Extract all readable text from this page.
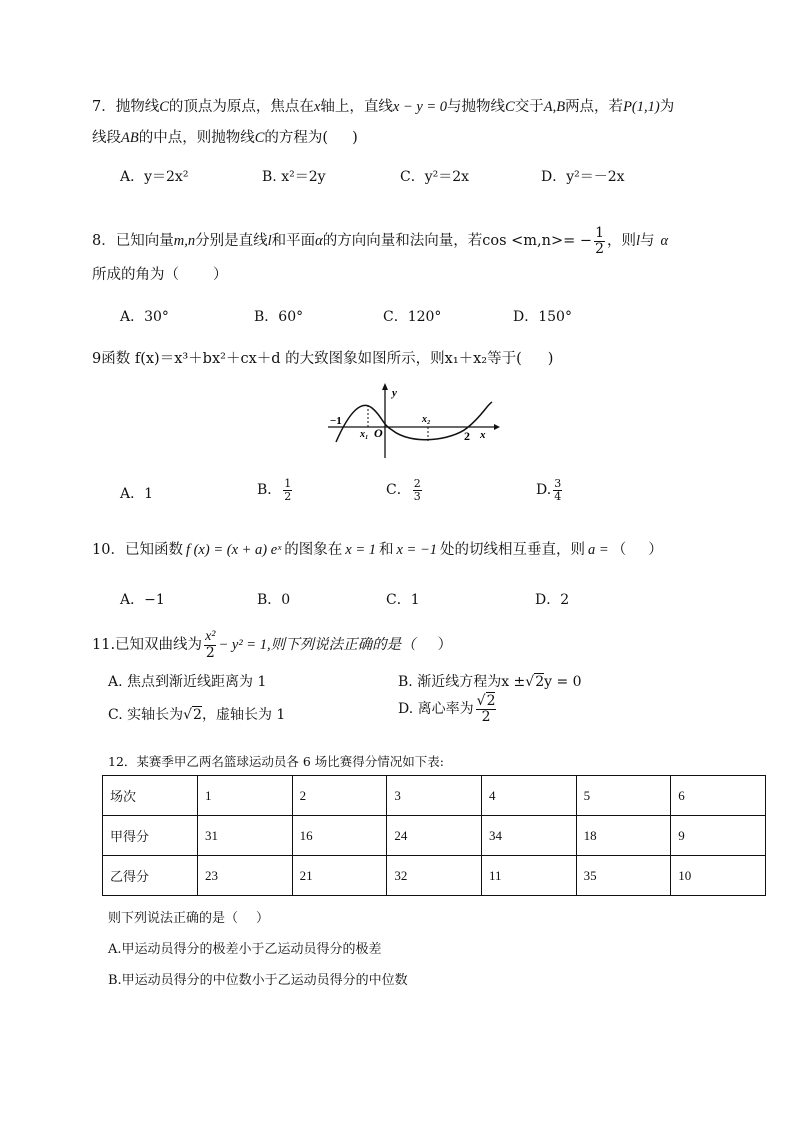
7．抛物线C的顶点为原点，焦点在x轴上，直线x − y = 0与抛物线C交于A,B两点，若P(1,1)为
线段AB的中点，则抛物线C的方程为( )
A．y＝2x²	B. x²＝2y	C．y²＝2x	D．y²＝－2x
8．已知向量m,n分别是直线l和平面α的方向向量和法向量，若$\cos <m,n>= - \frac{1}{2}$ ，则l与 α
所成的角为（ ）
A．30°	B．60°	C．120°	D．150°
9函数 f(x)＝x³＋bx²＋cx＋d 的大致图象如图所示，则x₁＋x₂等于( )
y
x
O
−1
x₁
x₂
2
A．1	B． $\frac{1}{2}$	C． $\frac{2}{3}$	D. $\frac{3}{4}$
10．已知函数 f (x) = (x + a) eˣ 的图象在 x = 1 和 x = −1 处的切线相互垂直，则 a = （ ）
A．−1	B．0	C．1	D．2
11.已知双曲线为 $\frac{\text{x²}}{2} - y^2 = 1$,则下列说法正确的是（ ）
A. 焦点到渐近线距离为 1	B. 渐近线方程为x ±√2y = 0
C. 实轴长为√2，虚轴长为 1	D. 离心率为 $\frac{√2}{2}$
12．某赛季甲乙两名篮球运动员各 6 场比赛得分情况如下表:
场次	1	2	3	4	5	6
甲得分	31	16	24	34	18	9
乙得分	23	21	32	11	35	10
则下列说法正确的是（ ）
A.甲运动员得分的极差小于乙运动员得分的极差
B.甲运动员得分的中位数小于乙运动员得分的中位数
